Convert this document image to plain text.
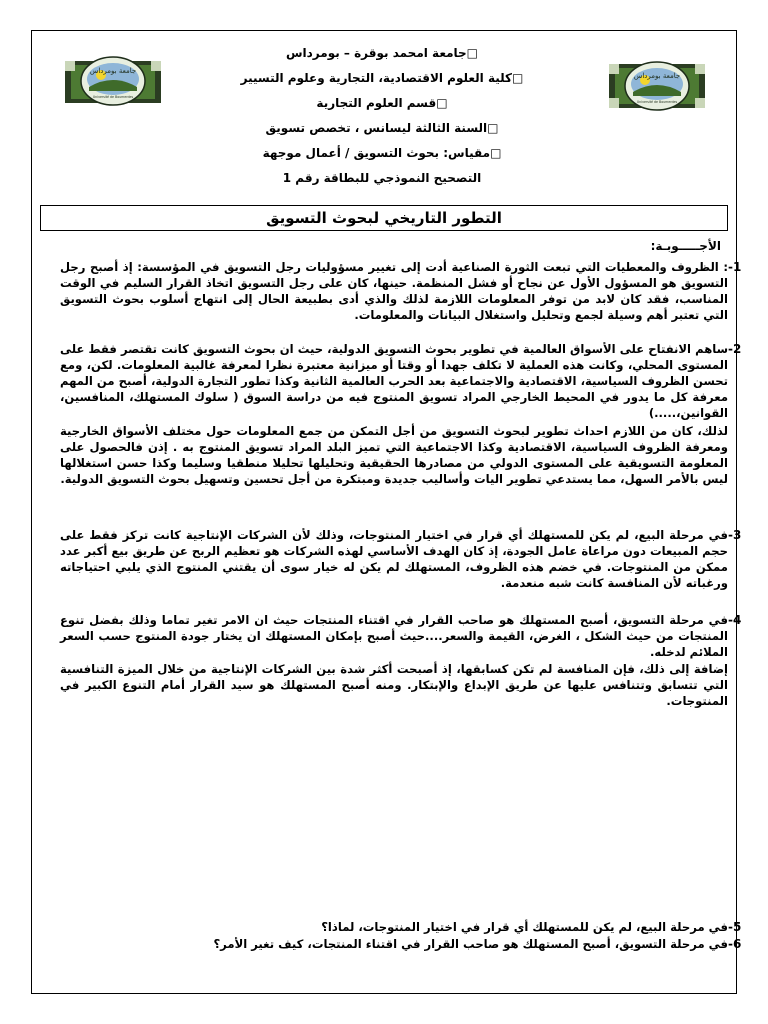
جامعة بومرداس
Université de Boumerdes
جامعة بومرداس
Université de Boumerdes
□جامعة امحمد بوقرة – بومرداس
□كلية العلوم الاقتصادية، التجارية وعلوم التسيير
□قسم العلوم التجارية
□السنة الثالثة ليسانس ، تخصص تسويق
□مقياس: بحوث التسويق / أعمال موجهة
التصحيح النموذجي للبطاقة رقم 1
التطور التاريخي لبحوث التسويق
الأجـــــوبـة:
-1

: الظروف والمعطيات التي تبعت الثورة الصناعية أدت إلى تغيير مسؤوليات رجل التسويق في المؤسسة: إذ أصبح رجل التسويق هو المسؤول الأول عن نجاح أو فشل المنظمة. حينها، كان على رجل التسويق اتخاذ القرار السليم في الوقت المناسب، فقد كان لابد من توفر المعلومات اللازمة لذلك والذي أدى بطبيعة الحال إلى انتهاج أسلوب بحوث التسويق التي تعتبر أهم وسيلة لجمع وتحليل واستغلال البيانات والمعلومات.

-2

ساهم الانفتاح على الأسواق العالمية في تطوير بحوث التسويق الدولية، حيث ان بحوث التسويق كانت تقتصر فقط على المستوى المحلي، وكانت هذه العملية لا تكلف جهدا أو وقتا أو ميزانية معتبرة نظرا لمعرفة غالبية المعلومات. لكن، ومع تحسن الظروف السياسية، الاقتصادية والاجتماعية بعد الحرب العالمية الثانية وكذا تطور التجارة الدولية، أصبح من المهم معرفة كل ما يدور في المحيط الخارجي المراد تسويق المنتوج فيه من دراسة السوق ( سلوك المستهلك، المنافسين، القوانين،.....)

لذلك، كان من اللازم احداث تطوير لبحوث التسويق من أجل التمكن من جمع المعلومات حول مختلف الأسواق الخارجية ومعرفة الظروف السياسية، الاقتصادية وكذا الاجتماعية التي تميز البلد المراد تسويق المنتوج به . إذن فالحصول على المعلومة التسويقية على المستوى الدولي من مصادرها الحقيقية وتحليلها تحليلا منطقيا وسليما وكذا حسن استغلالها ليس بالأمر السهل، مما يستدعي تطوير اليات وأساليب جديدة ومبتكرة من أجل تحسين وتسهيل بحوث التسويق الدولية.

-3

في مرحلة البيع، لم يكن للمستهلك أي قرار في اختيار المنتوجات، وذلك لأن الشركات الإنتاجية كانت تركز فقط على حجم المبيعات دون مراعاة عامل الجودة، إذ كان الهدف الأساسي لهذه الشركات هو تعظيم الربح عن طريق بيع أكبر عدد ممكن من المنتوجات. في خضم هذه الظروف، المستهلك لم يكن له خيار سوى أن يقتني المنتوج الذي يلبي احتياجاته ورغباته لأن المنافسة كانت شبه منعدمة.

-4

في مرحلة التسويق، أصبح المستهلك هو صاحب القرار في اقتناء المنتجات حيث ان الامر تغير تماما وذلك بفضل تنوع المنتجات من حيث الشكل ، الغرض، القيمة والسعر....حيث أصبح بإمكان المستهلك ان يختار جودة المنتوج حسب السعر الملائم لدخله.

إضافة إلى ذلك، فإن المنافسة لم تكن كسابقها، إذ أصبحت أكثر شدة بين الشركات الإنتاجية من خلال الميزة التنافسية التي تتسابق وتتنافس عليها عن طريق الإبداع والإبتكار. ومنه أصبح المستهلك هو سيد القرار أمام التنوع الكبير في المنتوجات.

-5

في مرحلة البيع، لم يكن للمستهلك أي قرار في اختيار المنتوجات، لماذا؟

-6

في مرحلة التسويق، أصبح المستهلك هو صاحب القرار في اقتناء المنتجات، كيف تغير الأمر؟
